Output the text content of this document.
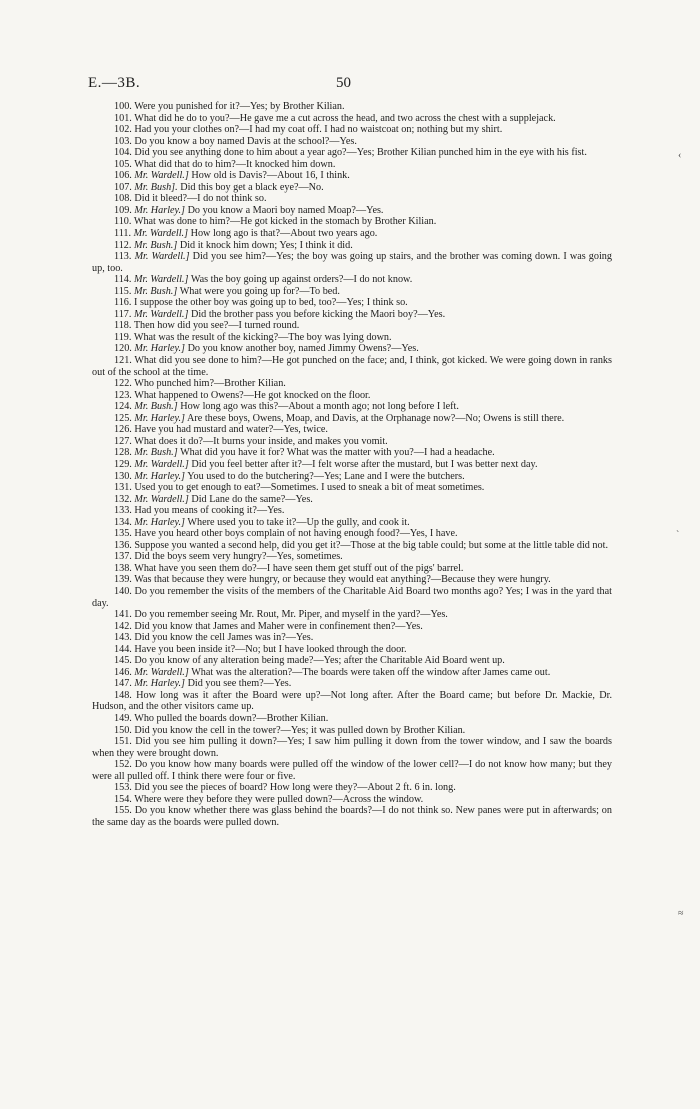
E.—3B.	50

100. Were you punished for it?—Yes; by Brother Kilian.

101. What did he do to you?—He gave me a cut across the head, and two across the chest with a supplejack.

102. Had you your clothes on?—I had my coat off. I had no waistcoat on; nothing but my shirt.

103. Do you know a boy named Davis at the school?—Yes.

104. Did you see anything done to him about a year ago?—Yes; Brother Kilian punched him in the eye with his fist.

105. What did that do to him?—It knocked him down.

106. Mr. Wardell.] How old is Davis?—About 16, I think.

107. Mr. Bush]. Did this boy get a black eye?—No.

108. Did it bleed?—I do not think so.

109. Mr. Harley.] Do you know a Maori boy named Moap?—Yes.

110. What was done to him?—He got kicked in the stomach by Brother Kilian.

111. Mr. Wardell.] How long ago is that?—About two years ago.

112. Mr. Bush.] Did it knock him down; Yes; I think it did.

113. Mr. Wardell.] Did you see him?—Yes; the boy was going up stairs, and the brother was coming down. I was going up, too.

114. Mr. Wardell.] Was the boy going up against orders?—I do not know.

115. Mr. Bush.] What were you going up for?—To bed.

116. I suppose the other boy was going up to bed, too?—Yes; I think so.

117. Mr. Wardell.] Did the brother pass you before kicking the Maori boy?—Yes.

118. Then how did you see?—I turned round.

119. What was the result of the kicking?—The boy was lying down.

120. Mr. Harley.] Do you know another boy, named Jimmy Owens?—Yes.

121. What did you see done to him?—He got punched on the face; and, I think, got kicked. We were going down in ranks out of the school at the time.

122. Who punched him?—Brother Kilian.

123. What happened to Owens?—He got knocked on the floor.

124. Mr. Bush.] How long ago was this?—About a month ago; not long before I left.

125. Mr. Harley.] Are these boys, Owens, Moap, and Davis, at the Orphanage now?—No; Owens is still there.

126. Have you had mustard and water?—Yes, twice.

127. What does it do?—It burns your inside, and makes you vomit.

128. Mr. Bush.] What did you have it for? What was the matter with you?—I had a headache.

129. Mr. Wardell.] Did you feel better after it?—I felt worse after the mustard, but I was better next day.

130. Mr. Harley.] You used to do the butchering?—Yes; Lane and I were the butchers.

131. Used you to get enough to eat?—Sometimes. I used to sneak a bit of meat sometimes.

132. Mr. Wardell.] Did Lane do the same?—Yes.

133. Had you means of cooking it?—Yes.

134. Mr. Harley.] Where used you to take it?—Up the gully, and cook it.

135. Have you heard other boys complain of not having enough food?—Yes, I have.

136. Suppose you wanted a second help, did you get it?—Those at the big table could; but some at the little table did not.

137. Did the boys seem very hungry?—Yes, sometimes.

138. What have you seen them do?—I have seen them get stuff out of the pigs' barrel.

139. Was that because they were hungry, or because they would eat anything?—Because they were hungry.

140. Do you remember the visits of the members of the Charitable Aid Board two months ago? Yes; I was in the yard that day.

141. Do you remember seeing Mr. Rout, Mr. Piper, and myself in the yard?—Yes.

142. Did you know that James and Maher were in confinement then?—Yes.

143. Did you know the cell James was in?—Yes.

144. Have you been inside it?—No; but I have looked through the door.

145. Do you know of any alteration being made?—Yes; after the Charitable Aid Board went up.

146. Mr. Wardell.] What was the alteration?—The boards were taken off the window after James came out.

147. Mr. Harley.] Did you see them?—Yes.

148. How long was it after the Board were up?—Not long after. After the Board came; but before Dr. Mackie, Dr. Hudson, and the other visitors came up.

149. Who pulled the boards down?—Brother Kilian.

150. Did you know the cell in the tower?—Yes; it was pulled down by Brother Kilian.

151. Did you see him pulling it down?—Yes; I saw him pulling it down from the tower window, and I saw the boards when they were brought down.

152. Do you know how many boards were pulled off the window of the lower cell?—I do not know how many; but they were all pulled off. I think there were four or five.

153. Did you see the pieces of board? How long were they?—About 2 ft. 6 in. long.

154. Where were they before they were pulled down?—Across the window.

155. Do you know whether there was glass behind the boards?—I do not think so. New panes were put in afterwards; on the same day as the boards were pulled down.

‹
`
≈
